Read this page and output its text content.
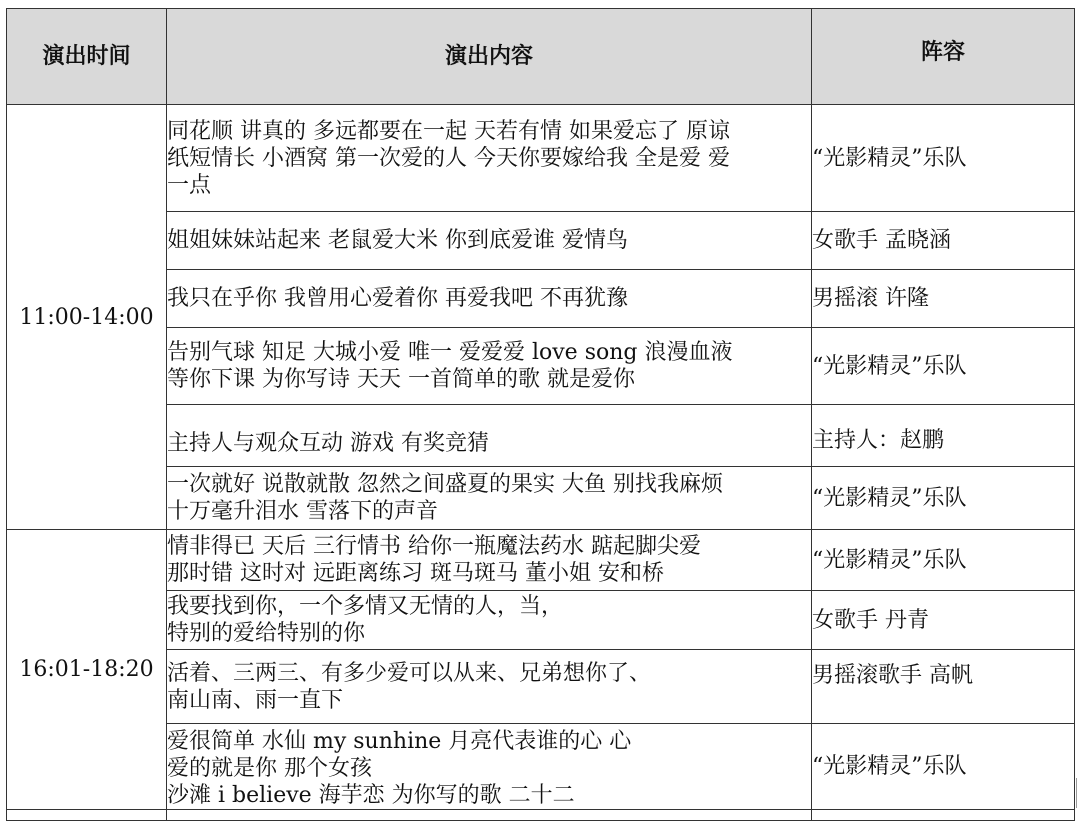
演出时间	演出内容	阵容
11:00-14:00	同花顺 讲真的 多远都要在一起 天若有情 如果爱忘了 原谅
纸短情长 小酒窝 第一次爱的人 今天你要嫁给我 全是爱 爱
一点	“光影精灵”乐队

	姐姐妹妹站起来 老鼠爱大米 你到底爱谁 爱情鸟	女歌手 孟晓涵

	我只在乎你 我曾用心爱着你 再爱我吧 不再犹豫	男摇滚 许隆

	告别气球 知足 大城小爱 唯一 爱爱爱 love song 浪漫血液
等你下课 为你写诗 天天 一首简单的歌 就是爱你	“光影精灵”乐队

	主持人与观众互动 游戏 有奖竞猜	主持人：赵鹏

	一次就好 说散就散 忽然之间盛夏的果实 大鱼 别找我麻烦
十万毫升泪水 雪落下的声音	“光影精灵”乐队
16:01-18:20	情非得已 天后 三行情书 给你一瓶魔法药水 踮起脚尖爱
那时错 这时对 远距离练习 斑马斑马 董小姐 安和桥	“光影精灵”乐队

	我要找到你，一个多情又无情的人，当，
特别的爱给特别的你	女歌手 丹青

	活着、三两三、有多少爱可以从来、兄弟想你了、
南山南、雨一直下	男摇滚歌手 高帆

	爱很简单 水仙 my sunhine 月亮代表谁的心 心
爱的就是你 那个女孩
沙滩 i believe 海芋恋 为你写的歌 二十二	“光影精灵”乐队
